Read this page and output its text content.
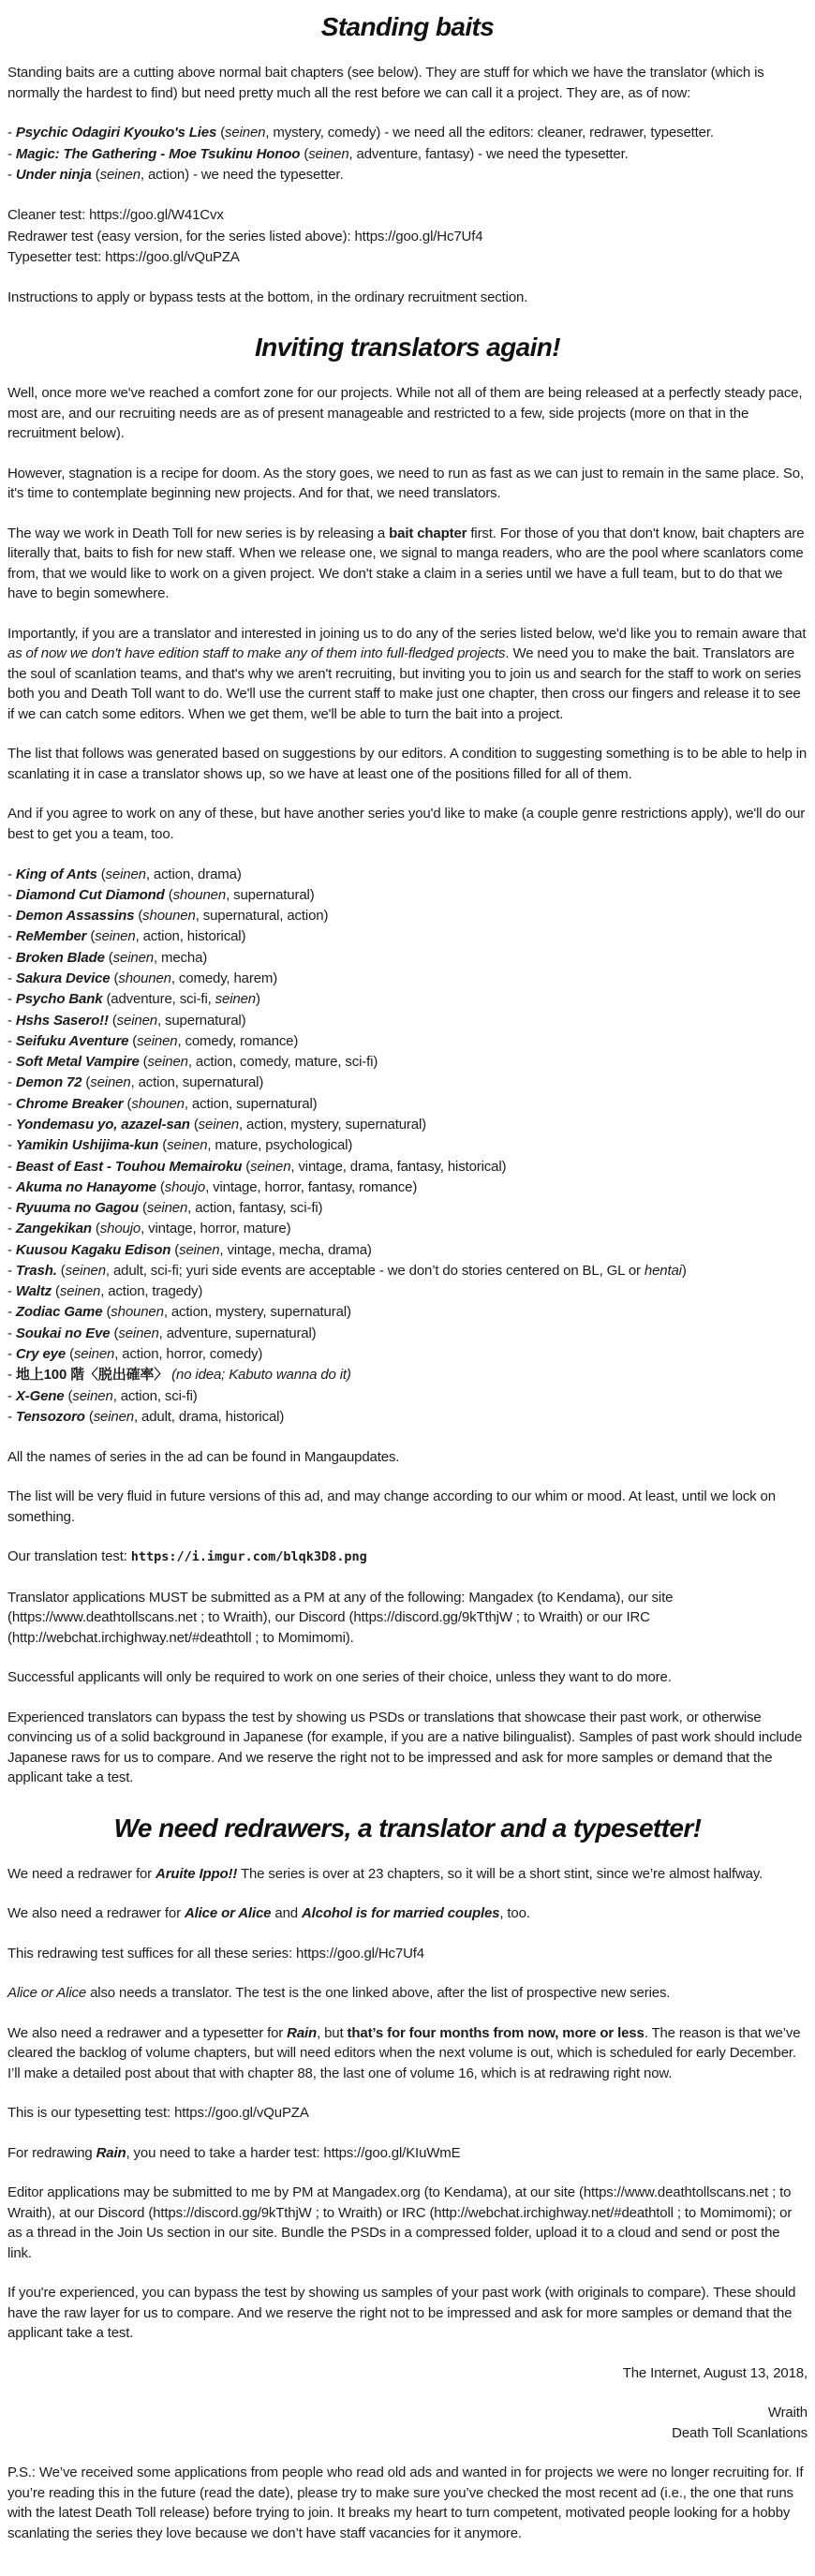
Standing baits

Standing baits are a cutting above normal bait chapters (see below). They are stuff for which we have the translator (which is normally the hardest to find) but need pretty much all the rest before we can call it a project. They are, as of now:

- Psychic Odagiri Kyouko's Lies (seinen, mystery, comedy) - we need all the editors: cleaner, redrawer, typesetter.
- Magic: The Gathering - Moe Tsukinu Honoo (seinen, adventure, fantasy) - we need the typesetter.
- Under ninja (seinen, action) - we need the typesetter.
Cleaner test: https://goo.gl/W41Cvx
Redrawer test (easy version, for the series listed above): https://goo.gl/Hc7Uf4
Typesetter test: https://goo.gl/vQuPZA

Instructions to apply or bypass tests at the bottom, in the ordinary recruitment section.

Inviting translators again!

Well, once more we've reached a comfort zone for our projects. While not all of them are being released at a perfectly steady pace, most are, and our recruiting needs are as of present manageable and restricted to a few, side projects (more on that in the recruitment below).

However, stagnation is a recipe for doom. As the story goes, we need to run as fast as we can just to remain in the same place. So, it's time to contemplate beginning new projects. And for that, we need translators.

The way we work in Death Toll for new series is by releasing a bait chapter first. For those of you that don't know, bait chapters are literally that, baits to fish for new staff. When we release one, we signal to manga readers, who are the pool where scanlators come from, that we would like to work on a given project. We don't stake a claim in a series until we have a full team, but to do that we have to begin somewhere.

Importantly, if you are a translator and interested in joining us to do any of the series listed below, we'd like you to remain aware that as of now we don't have edition staff to make any of them into full-fledged projects. We need you to make the bait. Translators are the soul of scanlation teams, and that's why we aren't recruiting, but inviting you to join us and search for the staff to work on series both you and Death Toll want to do. We'll use the current staff to make just one chapter, then cross our fingers and release it to see if we can catch some editors. When we get them, we'll be able to turn the bait into a project.

The list that follows was generated based on suggestions by our editors. A condition to suggesting something is to be able to help in scanlating it in case a translator shows up, so we have at least one of the positions filled for all of them.

And if you agree to work on any of these, but have another series you'd like to make (a couple genre restrictions apply), we'll do our best to get you a team, too.

- King of Ants (seinen, action, drama)
- Diamond Cut Diamond (shounen, supernatural)
- Demon Assassins (shounen, supernatural, action)
- ReMember (seinen, action, historical)
- Broken Blade (seinen, mecha)
- Sakura Device (shounen, comedy, harem)
- Psycho Bank (adventure, sci-fi, seinen)
- Hshs Sasero!! (seinen, supernatural)
- Seifuku Aventure (seinen, comedy, romance)
- Soft Metal Vampire (seinen, action, comedy, mature, sci-fi)
- Demon 72 (seinen, action, supernatural)
- Chrome Breaker (shounen, action, supernatural)
- Yondemasu yo, azazel-san (seinen, action, mystery, supernatural)
- Yamikin Ushijima-kun (seinen, mature, psychological)
- Beast of East - Touhou Memairoku (seinen, vintage, drama, fantasy, historical)
- Akuma no Hanayome (shoujo, vintage, horror, fantasy, romance)
- Ryuuma no Gagou (seinen, action, fantasy, sci-fi)
- Zangekikan (shoujo, vintage, horror, mature)
- Kuusou Kagaku Edison (seinen, vintage, mecha, drama)
- Trash. (seinen, adult, sci-fi; yuri side events are acceptable - we don’t do stories centered on BL, GL or hentai)
- Waltz (seinen, action, tragedy)
- Zodiac Game (shounen, action, mystery, supernatural)
- Soukai no Eve (seinen, adventure, supernatural)
- Cry eye (seinen, action, horror, comedy)
- 地上100 階〈脱出確率〉 (no idea; Kabuto wanna do it)
- X-Gene (seinen, action, sci-fi)
- Tensozoro (seinen, adult, drama, historical)

All the names of series in the ad can be found in Mangaupdates.

The list will be very fluid in future versions of this ad, and may change according to our whim or mood. At least, until we lock on something.

Our translation test: https://i.imgur.com/blqk3D8.png

Translator applications MUST be submitted as a PM at any of the following: Mangadex (to Kendama), our site (https://www.deathtollscans.net ; to Wraith), our Discord (https://discord.gg/9kTthjW ; to Wraith) or our IRC (http://webchat.irchighway.net/#deathtoll ; to Momimomi).

Successful applicants will only be required to work on one series of their choice, unless they want to do more.

Experienced translators can bypass the test by showing us PSDs or translations that showcase their past work, or otherwise convincing us of a solid background in Japanese (for example, if you are a native bilingualist). Samples of past work should include Japanese raws for us to compare. And we reserve the right not to be impressed and ask for more samples or demand that the applicant take a test.

We need redrawers, a translator and a typesetter!

We need a redrawer for Aruite Ippo!! The series is over at 23 chapters, so it will be a short stint, since we’re almost halfway.

We also need a redrawer for Alice or Alice and Alcohol is for married couples, too.

This redrawing test suffices for all these series: https://goo.gl/Hc7Uf4

Alice or Alice also needs a translator. The test is the one linked above, after the list of prospective new series.

We also need a redrawer and a typesetter for Rain, but that’s for four months from now, more or less. The reason is that we’ve cleared the backlog of volume chapters, but will need editors when the next volume is out, which is scheduled for early December. I’ll make a detailed post about that with chapter 88, the last one of volume 16, which is at redrawing right now.

This is our typesetting test: https://goo.gl/vQuPZA

For redrawing Rain, you need to take a harder test: https://goo.gl/KIuWmE

Editor applications may be submitted to me by PM at Mangadex.org (to Kendama), at our site (https://www.deathtollscans.net ; to Wraith), at our Discord (https://discord.gg/9kTthjW ; to Wraith) or IRC (http://webchat.irchighway.net/#deathtoll ; to Momimomi); or as a thread in the Join Us section in our site. Bundle the PSDs in a compressed folder, upload it to a cloud and send or post the link.

If you're experienced, you can bypass the test by showing us samples of your past work (with originals to compare). These should have the raw layer for us to compare. And we reserve the right not to be impressed and ask for more samples or demand that the applicant take a test.

The Internet, August 13, 2018,

Wraith
Death Toll Scanlations

P.S.: We’ve received some applications from people who read old ads and wanted in for projects we were no longer recruiting for. If you’re reading this in the future (read the date), please try to make sure you’ve checked the most recent ad (i.e., the one that runs with the latest Death Toll release) before trying to join. It breaks my heart to turn competent, motivated people looking for a hobby scanlating the series they love because we don’t have staff vacancies for it anymore.
